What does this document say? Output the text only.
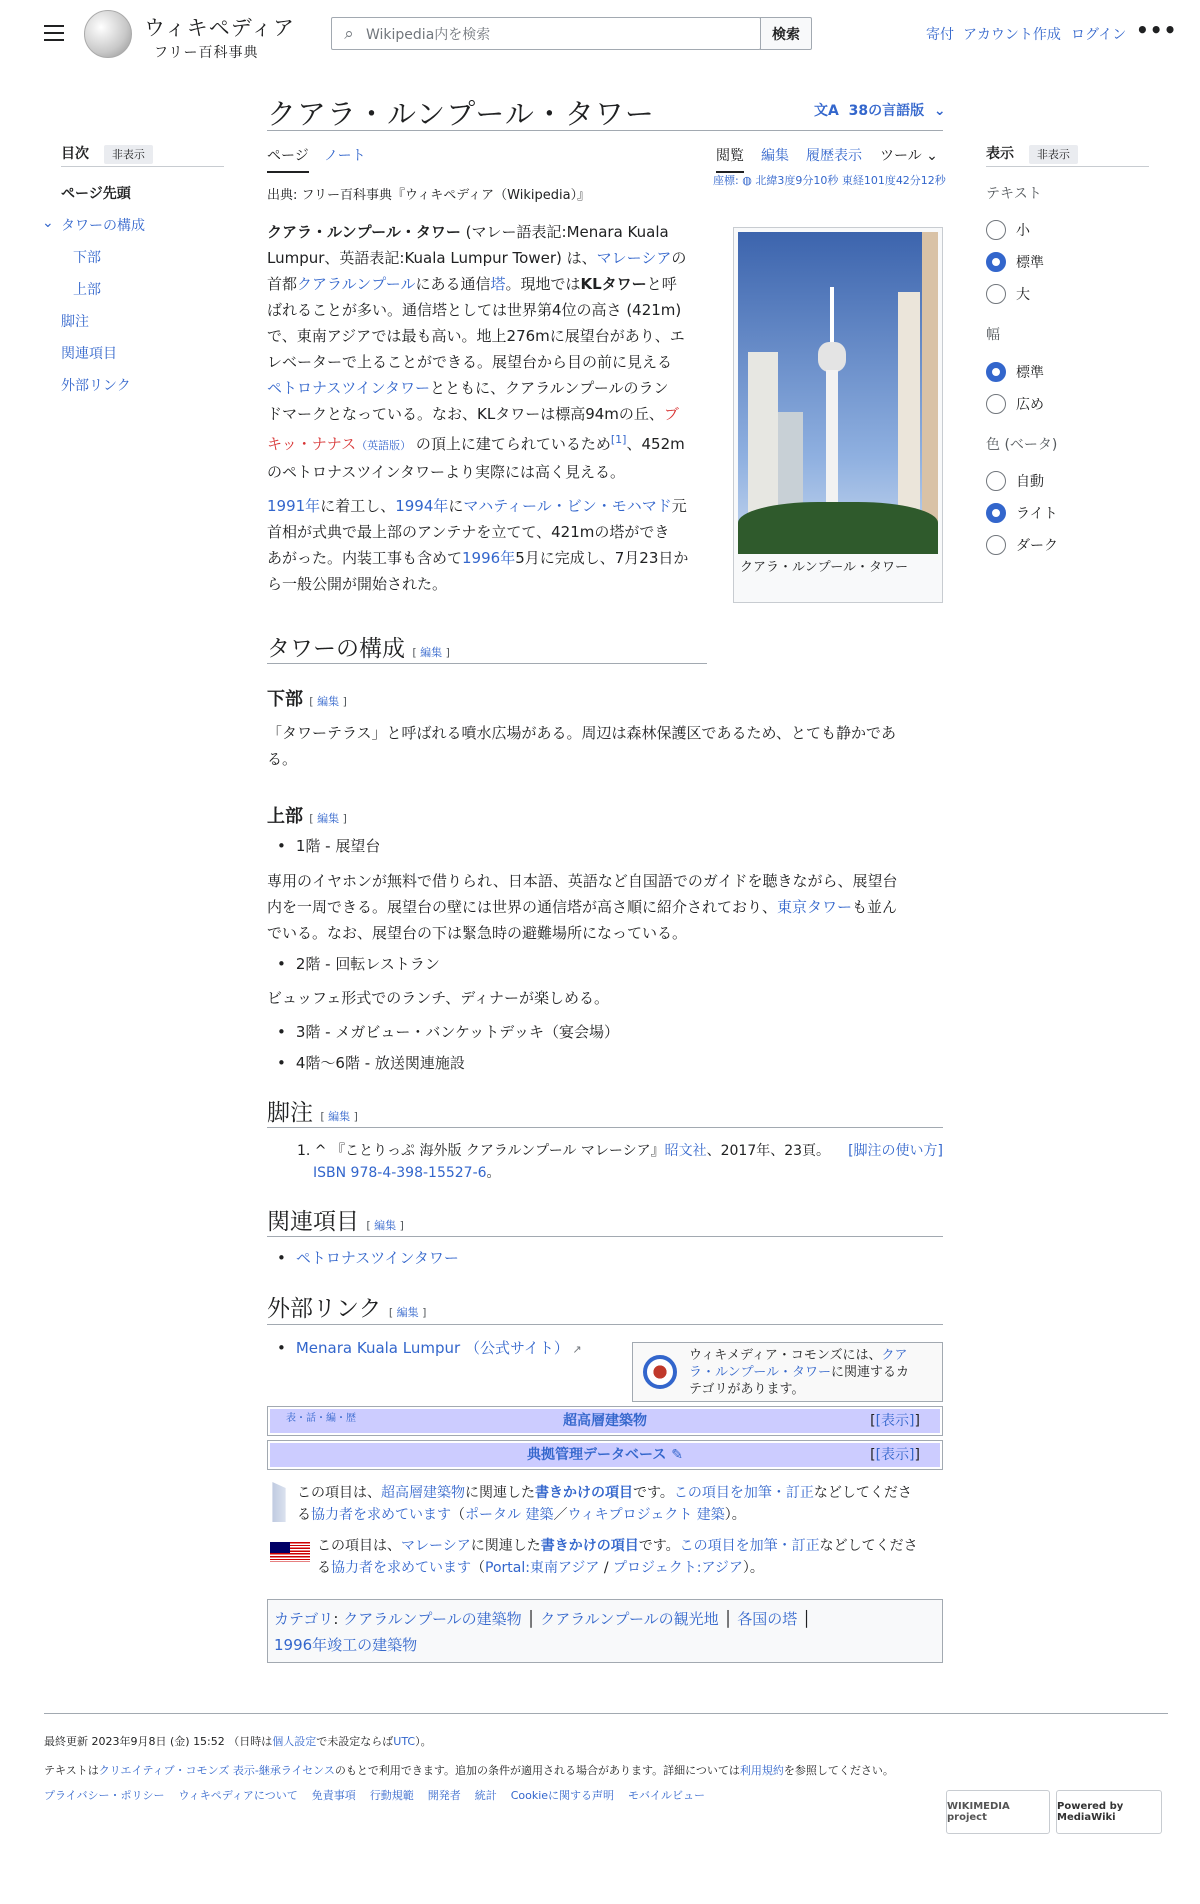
ウィキペディア
フリー百科事典
⌕ Wikipedia内を検索	検索	寄付 アカウント作成 ログイン •••
目次 非表示
ページ先頭
⌄ タワーの構成
下部
上部
脚注
関連項目
外部リンク
クアラ・ルンプール・タワー	文A 38の言語版  ⌄
ページ ノート	閲覧 編集 履歴表示 ツール ⌄
座標: ◍ 北緯3度9分10秒 東経101度42分12秒
出典: フリー百科事典『ウィキペディア（Wikipedia）』
クアラ・ルンプール・タワー (マレー語表記:Menara Kuala
Lumpur、英語表記:Kuala Lumpur Tower) は、マレーシアの
首都クアラルンプールにある通信塔。現地ではKLタワーと呼
ばれることが多い。通信塔としては世界第4位の高さ (421m)
で、東南アジアでは最も高い。地上276mに展望台があり、エ
レベーターで上ることができる。展望台から目の前に見える
ペトロナスツインタワーとともに、クアラルンプールのラン
ドマークとなっている。なお、KLタワーは標高94mの丘、ブ
キッ・ナナス（英語版） の頂上に建てられているため[1]、452m
のペトロナスツインタワーより実際には高く見える。
1991年に着工し、1994年にマハティール・ビン・モハマド元
首相が式典で最上部のアンテナを立てて、421mの塔ができ
あがった。内装工事も含めて1996年5月に完成し、7月23日か
ら一般公開が開始された。
クアラ・ルンプール・タワー
タワーの構成 [ 編集 ]
下部 [ 編集 ]
「タワーテラス」と呼ばれる噴水広場がある。周辺は森林保護区であるため、とても静かであ
る。
上部 [ 編集 ]
• 1階 - 展望台
専用のイヤホンが無料で借りられ、日本語、英語など自国語でのガイドを聴きながら、展望台
内を一周できる。展望台の壁には世界の通信塔が高さ順に紹介されており、東京タワーも並ん
でいる。なお、展望台の下は緊急時の避難場所になっている。
• 2階 - 回転レストラン
ビュッフェ形式でのランチ、ディナーが楽しめる。
• 3階 - メガビュー・バンケットデッキ（宴会場）
• 4階〜6階 - 放送関連施設
脚注 [ 編集 ]
1. ^ 『ことりっぷ 海外版 クアラルンプール マレーシア』昭文社、2017年、23頁。 [脚注の使い方]
ISBN 978-4-398-15527-6。
関連項目 [ 編集 ]
• ペトロナスツインタワー
外部リンク [ 編集 ]
• Menara Kuala Lumpur （公式サイト） ↗	ウィキメディア・コモンズには、クア
ラ・ルンプール・タワーに関連するカ
テゴリがあります。
表・話・編・歴	超高層建築物	[[表示]]
典拠管理データベース ✎	[[表示]]
この項目は、超高層建築物に関連した書きかけの項目です。この項目を加筆・訂正などしてくださ
る協力者を求めています（ポータル 建築／ウィキプロジェクト 建築）。
この項目は、マレーシアに関連した書きかけの項目です。この項目を加筆・訂正などしてくださ
る協力者を求めています（Portal:東南アジア / プロジェクト:アジア）。
カテゴリ: クアラルンプールの建築物 │ クアラルンプールの観光地 │ 各国の塔 │
1996年竣工の建築物
表示 非表示
テキスト
小
標準
大
幅
標準
広め
色 (ベータ)
自動
ライト
ダーク
最終更新 2023年9月8日 (金) 15:52 （日時は個人設定で未設定ならばUTC）。
テキストはクリエイティブ・コモンズ 表示-継承ライセンスのもとで利用できます。追加の条件が適用される場合があります。詳細については利用規約を参照してください。
プライバシー・ポリシー ウィキペディアについて 免責事項 行動規範 開発者 統計 Cookieに関する声明 モバイルビュー
WIKIMEDIA project
Powered by MediaWiki
